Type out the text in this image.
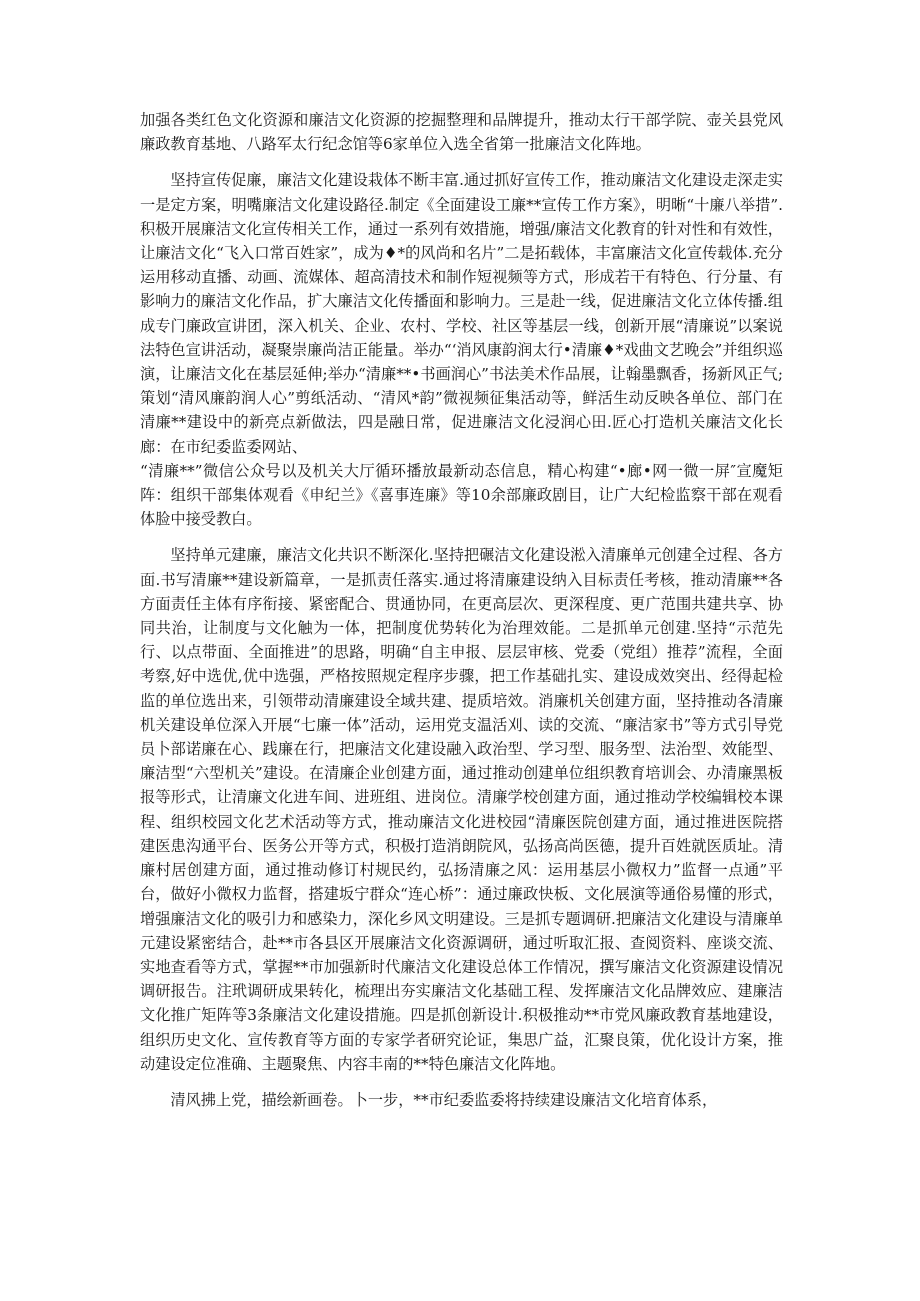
加强各类红色文化资源和廉洁文化资源的挖掘整理和品牌提升，推动太行干部学院、壶关县党风廉政教育基地、八路军太行纪念馆等6家单位入选全省第一批廉洁文化阵地。

坚持宣传促廉，廉洁文化建设栽体不断丰富.通过抓好宣传工作，推动廉洁文化建设走深走实一是定方案，明嘴廉洁文化建设路径.制定《全面建设工廉**宣传工作方案》，明晰“十廉八举措”.积极开展廉洁文化宣传相关工作，通过一系列有效措施，增强/廉洁文化教育的针对性和有效性，让廉洁文化“飞入口常百姓家”，成为♦*的风尚和名片”二是拓载体，丰富廉洁文化宣传载体.充分运用移动直播、动画、流媒体、超高清技术和制作短视频等方式，形成若干有特色、行分量、有影响力的廉洁文化作品，扩大廉洁文化传播面和影响力。三是赴一线，促进廉洁文化立体传播.组成专门廉政宣讲团，深入机关、企业、农村、学校、社区等基层一线，创新开展“清廉说”以案说法特色宣讲活动，凝聚崇廉尚洁正能量。举办“‘消风康韵润太行•清廉♦*戏曲文艺晚会”并组织巡演，让廉洁文化在基层延伸;举办“清廉**•书画润心”书法美术作品展，让翰墨飘香，扬新风正气;策划“清风廉韵润人心”剪纸活动、“清风*韵”微视频征集活动等，鲜活生动反映各单位、部门在清廉**建设中的新亮点新做法，四是融日常，促进廉洁文化浸润心田.匠心打造机关廉洁文化长廊：在市纪委监委网站、

“清廉**”微信公众号以及机关大厅循环播放最新动态信息，精心构建“•廊•网一微一屏″宣魔矩阵：组织干部集体观看《申纪兰》《喜事连廉》等10余部廉政剧目，让广大纪检监察干部在观看体脸中接受教白。

坚持单元建廉，廉洁文化共识不断深化.坚持把碾洁文化建设淞入清廉单元创建全过程、各方面.书写清廉**建设新篇章，一是抓责任落实.通过将清廉建设纳入目标责任考核，推动清廉**各方面责任主体有序衔接、紧密配合、贯通协同，在更高层次、更深程度、更广范围共建共享、协同共治，让制度与文化触为一体，把制度优势转化为治理效能。二是抓单元创建.坚持“示范先行、以点带面、全面推进”的思路，明确“自主申报、层层审核、党委（党组）推荐”流程，全面考察,好中选优,优中选强，严格按照规定程序步骤，把工作基础扎实、建设成效突出、经得起检监的单位选出来，引领带动清廉建设全域共建、提质培效。消廉机关创建方面，坚持推动各清廉机关建设单位深入开展“七廉一体”活动，运用党支温活刈、读的交流、“廉洁家书”等方式引导党员卜部诺廉在心、践廉在行，把廉洁文化建设融入政治型、学习型、服务型、法治型、效能型、廉洁型“六型机关”建设。在清廉企业创建方面，通过推动创建单位组织教育培训会、办清廉黑板报等形式，让清廉文化进车间、进班组、进岗位。清廉学校创建方面，通过推动学校编辑校本课程、组织校园文化艺术活动等方式，推动廉洁文化进校园“清廉医院创建方面，通过推进医院搭建医患沟通平台、医务公开等方式，积极打造消朗院风，弘扬高尚医德，提升百姓就医质址。清廉村居创建方面，通过推动修订村规民约，弘扬清廉之风：运用基层小微权力”监督一点通”平台，做好小微权力监督，搭建坂宁群众“连心桥”：通过廉政快板、文化展演等通俗易懂的形式，增强廉洁文化的吸引力和感染力，深化乡风文明建设。三是抓专题调研.把廉洁文化建设与清廉单元建设紧密结合，赴**市各县区开展廉洁文化资源调研，通过听取汇报、查阅资料、座谈交流、实地查看等方式，掌握**市加强新时代廉洁文化建设总体工作情况，撰写廉洁文化资源建设情况调研报告。注玳调研成果转化，梳理出夯实廉洁文化基础工程、发挥廉洁文化品牌效应、建廉洁文化推广矩阵等3条廉洁文化建设措施。四是抓创新设计.积极推动**市党风廉政教育基地建设，组织历史文化、宣传教育等方面的专家学者研究论证，集思广益，汇聚良策，优化设计方案，推动建设定位准确、主题聚焦、内容丰南的**特色廉洁文化阵地。

清风拂上党，描绘新画卷。卜一步，**市纪委监委将持续建设廉洁文化培育体系，
